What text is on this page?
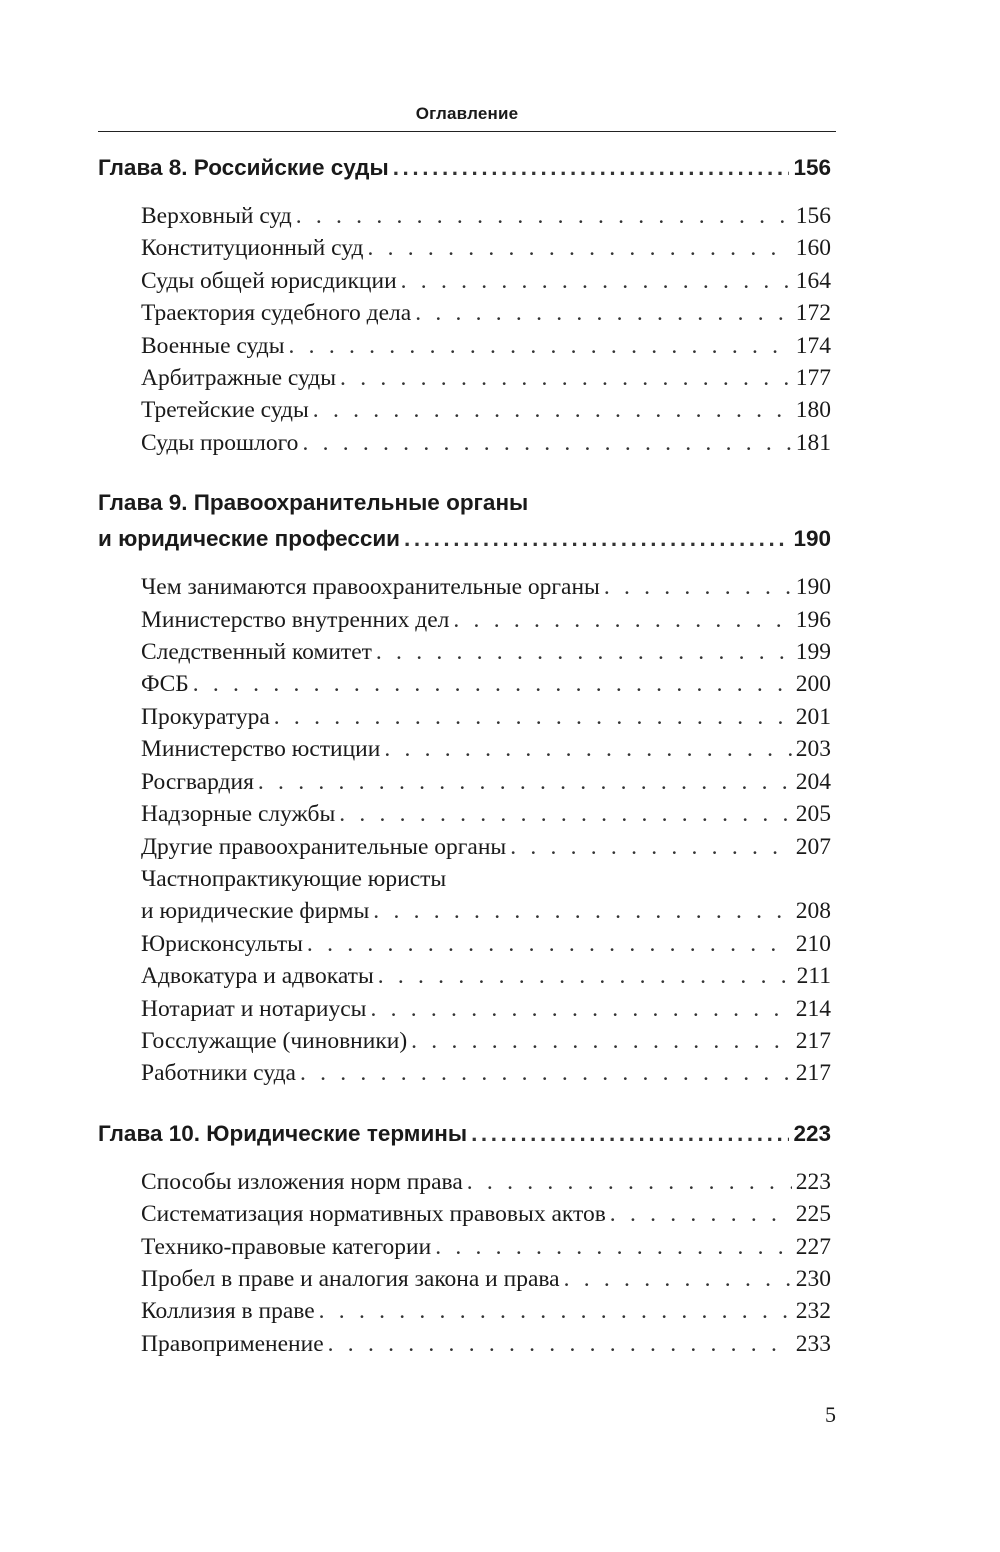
Оглавление
Глава 8. Российские суды .....	156
Верховный суд . . .	156
Конституционный суд . . .	160
Суды общей юрисдикции . . .	164
Траектория судебного дела . . .	172
Военные суды . . .	174
Арбитражные суды . . .	177
Третейские суды . . .	180
Суды прошлого . . .	181
Глава 9. Правоохранительные органы
и юридические профессии .....	190
Чем занимаются правоохранительные органы . . .	190
Министерство внутренних дел . . .	196
Следственный комитет . . .	199
ФСБ . . .	200
Прокуратура . . .	201
Министерство юстиции . . .	203
Росгвардия . . .	204
Надзорные службы . . .	205
Другие правоохранительные органы . . .	207
Частнопрактикующие юристы
и юридические фирмы . . .	208
Юрисконсульты . . .	210
Адвокатура и адвокаты . . .	211
Нотариат и нотариусы . . .	214
Госслужащие (чиновники) . . .	217
Работники суда . . .	217
Глава 10. Юридические термины .....	223
Способы изложения норм права . . .	223
Систематизация нормативных правовых актов . . .	225
Технико-правовые категории . . .	227
Пробел в праве и аналогия закона и права . . .	230
Коллизия в праве . . .	232
Правоприменение . . .	233
5
